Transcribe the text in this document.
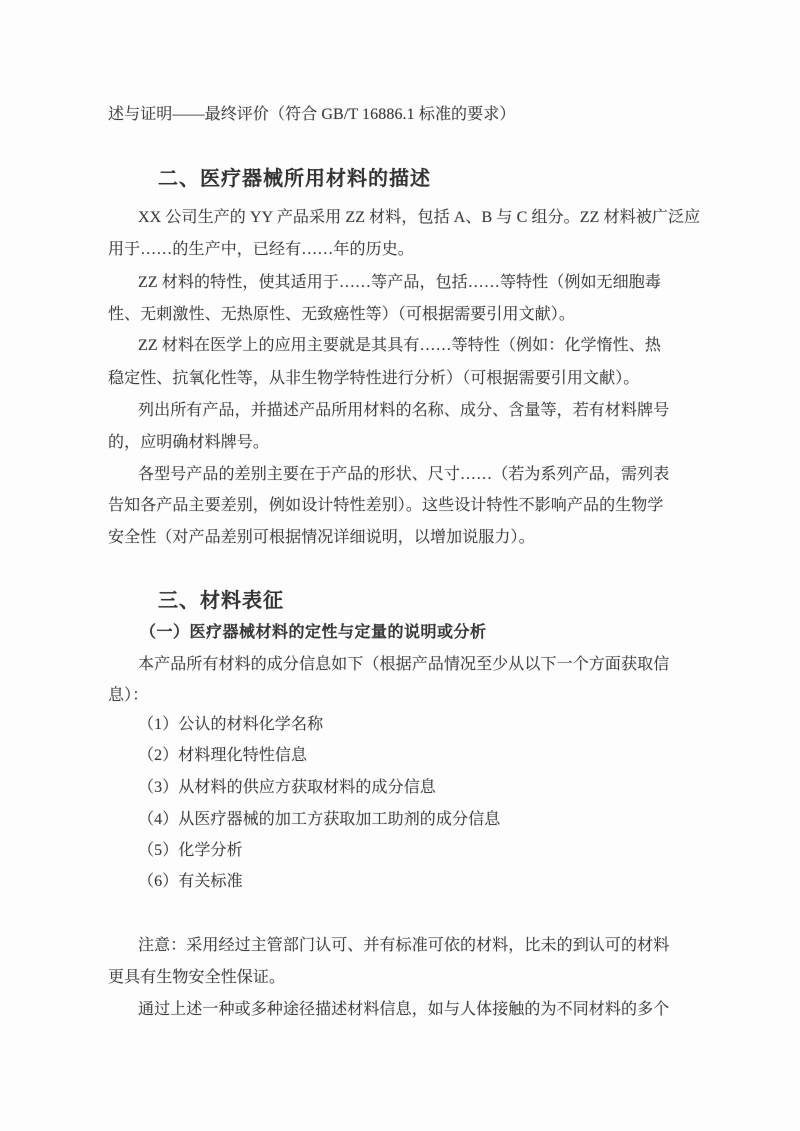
述与证明——最终评价（符合 GB/T 16886.1 标准的要求）
二、医疗器械所用材料的描述
XX 公司生产的 YY 产品采用 ZZ 材料，包括 A、B 与 C 组分。ZZ 材料被广泛应
用于……的生产中，已经有……年的历史。
ZZ 材料的特性，使其适用于……等产品，包括……等特性（例如无细胞毒
性、无刺激性、无热原性、无致癌性等）（可根据需要引用文献）。
ZZ 材料在医学上的应用主要就是其具有……等特性（例如：化学惰性、热
稳定性、抗氧化性等，从非生物学特性进行分析）（可根据需要引用文献）。
列出所有产品，并描述产品所用材料的名称、成分、含量等，若有材料牌号
的，应明确材料牌号。
各型号产品的差别主要在于产品的形状、尺寸……（若为系列产品，需列表
告知各产品主要差别，例如设计特性差别）。这些设计特性不影响产品的生物学
安全性（对产品差别可根据情况详细说明，以增加说服力）。
三、材料表征
（一）医疗器械材料的定性与定量的说明或分析
本产品所有材料的成分信息如下（根据产品情况至少从以下一个方面获取信
息）：
（1）公认的材料化学名称
（2）材料理化特性信息
（3）从材料的供应方获取材料的成分信息
（4）从医疗器械的加工方获取加工助剂的成分信息
（5）化学分析
（6）有关标准
注意：采用经过主管部门认可、并有标准可依的材料，比未的到认可的材料
更具有生物安全性保证。
通过上述一种或多种途径描述材料信息，如与人体接触的为不同材料的多个
